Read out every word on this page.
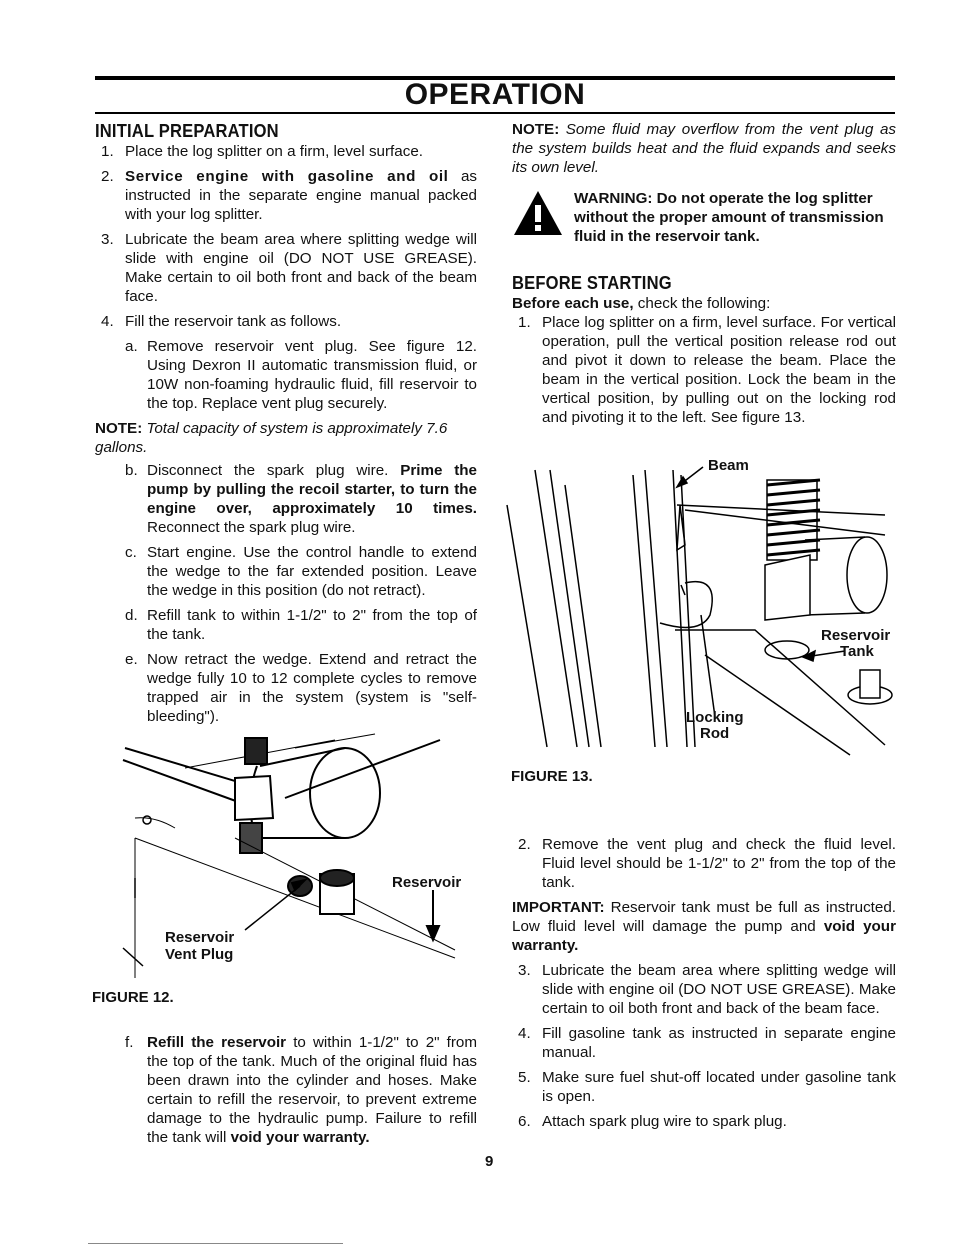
OPERATION
INITIAL PREPARATION
1. Place the log splitter on a firm, level surface.
2. Service engine with gasoline and oil as instructed in the separate engine manual packed with your log splitter.
3. Lubricate the beam area where splitting wedge will slide with engine oil (DO NOT USE GREASE). Make certain to oil both front and back of the beam face.
4. Fill the reservoir tank as follows.
a. Remove reservoir vent plug. See figure 12. Using Dexron II automatic transmission fluid, or 10W non-foaming hydraulic fluid, fill reservoir to the top. Replace vent plug securely.
NOTE: Total capacity of system is approximately 7.6 gallons.
b. Disconnect the spark plug wire. Prime the pump by pulling the recoil starter, to turn the engine over, approximately 10 times. Reconnect the spark plug wire.
c. Start engine. Use the control handle to extend the wedge to the far extended position. Leave the wedge in this position (do not retract).
d. Refill tank to within 1-1/2" to 2" from the top of the tank.
e. Now retract the wedge. Extend and retract the wedge fully 10 to 12 complete cycles to remove trapped air in the system (system is "self-bleeding").
Reservoir
Reservoir
Vent Plug
FIGURE 12.
f. Refill the reservoir to within 1-1/2" to 2" from the top of the tank. Much of the original fluid has been drawn into the cylinder and hoses. Make certain to refill the reservoir, to prevent extreme damage to the hydraulic pump. Failure to refill the tank will void your warranty.
NOTE: Some fluid may overflow from the vent plug as the system builds heat and the fluid expands and seeks its own level.
WARNING: Do not operate the log splitter without the proper amount of transmission fluid in the reservoir tank.
BEFORE STARTING
Before each use, check the following:
1. Place log splitter on a firm, level surface. For vertical operation, pull the vertical position release rod out and pivot it down to release the beam. Place the beam in the vertical position. Lock the beam in the vertical position, by pulling out on the locking rod and pivoting it to the left. See figure 13.
Beam
Reservoir
Tank
Locking
Rod
FIGURE 13.
2. Remove the vent plug and check the fluid level. Fluid level should be 1-1/2" to 2" from the top of the tank.
IMPORTANT: Reservoir tank must be full as instructed. Low fluid level will damage the pump and void your warranty.
3. Lubricate the beam area where splitting wedge will slide with engine oil (DO NOT USE GREASE). Make certain to oil both front and back of the beam face.
4. Fill gasoline tank as instructed in separate engine manual.
5. Make sure fuel shut-off located under gasoline tank is open.
6. Attach spark plug wire to spark plug.
9
